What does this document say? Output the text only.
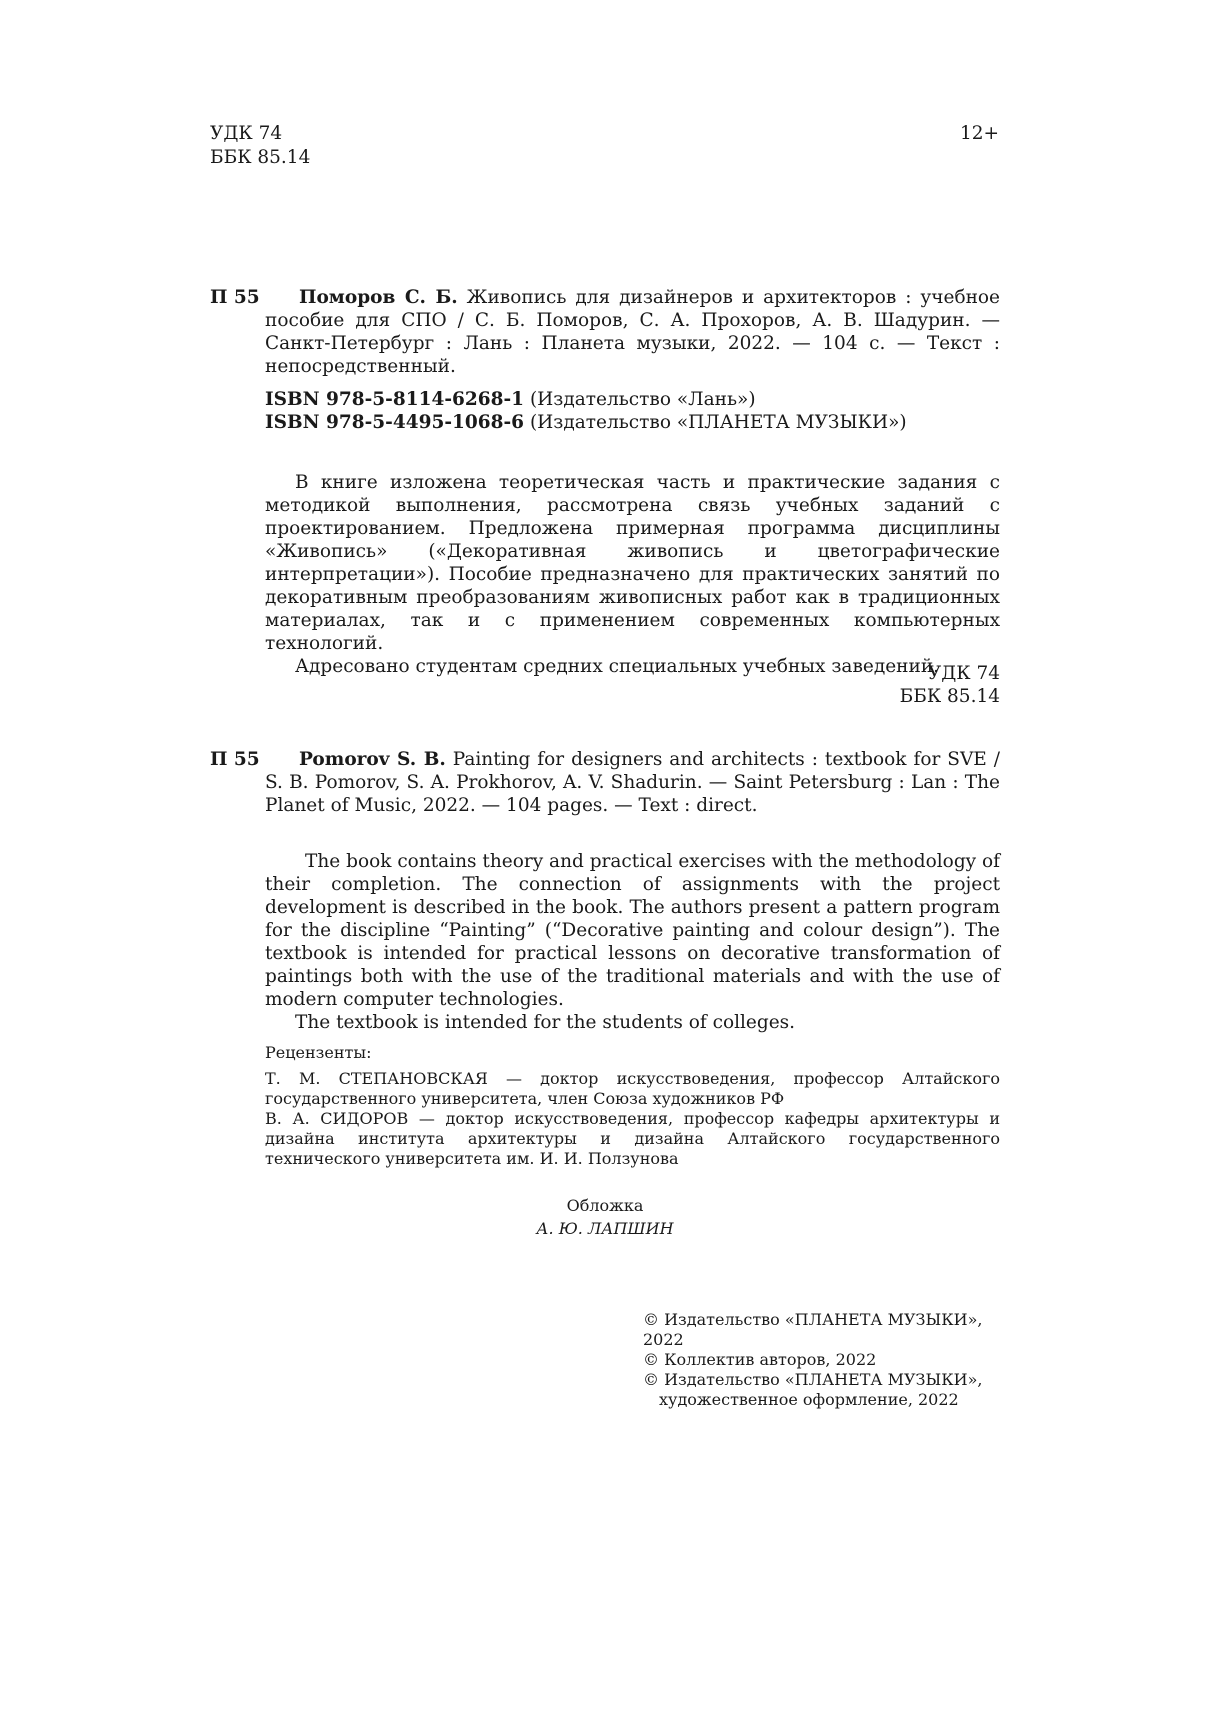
УДК 74
ББК 85.14
12+
П 55	Поморов С. Б. Живопись для дизайнеров и архитекторов : учебное пособие для СПО / С. Б. Поморов, С. А. Прохоров, А. В. Шадурин. — Санкт-Петербург : Лань : Планета музыки, 2022. — 104 с. — Текст : непосредственный.

ISBN 978-5-8114-6268-1 (Издательство «Лань»)
ISBN 978-5-4495-1068-6 (Издательство «ПЛАНЕТА МУЗЫКИ»)

В книге изложена теоретическая часть и практические задания с методикой выполнения, рассмотрена связь учебных заданий с проектированием. Предложена примерная программа дисциплины «Живопись» («Декоративная живопись и цветографические интерпретации»). Пособие предназначено для практических занятий по декоративным преобразованиям живописных работ как в традиционных материалах, так и с применением современных компьютерных технологий.

Адресовано студентам средних специальных учебных заведений.

УДК 74
ББК 85.14
П 55	Pomorov S. B. Painting for designers and architects : textbook for SVE / S. B. Pomorov, S. A. Prokhorov, A. V. Shadurin. — Saint Petersburg : Lan : The Planet of Music, 2022. — 104 pages. — Text : direct.

The book contains theory and practical exercises with the methodology of their completion. The connection of assignments with the project development is described in the book. The authors present a pattern program for the discipline “Painting” (“Decorative painting and colour design”). The textbook is intended for practical lessons on decorative transformation of paintings both with the use of the traditional materials and with the use of modern computer technologies.

The textbook is intended for the students of colleges.

Рецензенты:

Т. М. СТЕПАНОВСКАЯ — доктор искусствоведения, профессор Алтайского государственного университета, член Союза художников РФ

В. А. СИДОРОВ — доктор искусствоведения, профессор кафедры архитектуры и дизайна института архитектуры и дизайна Алтайского государственного технического университета им. И. И. Ползунова

Обложка
А. Ю. ЛАПШИН

© Издательство «ПЛАНЕТА МУЗЫКИ», 2022

© Коллектив авторов, 2022

© Издательство «ПЛАНЕТА МУЗЫКИ»,

художественное оформление, 2022
